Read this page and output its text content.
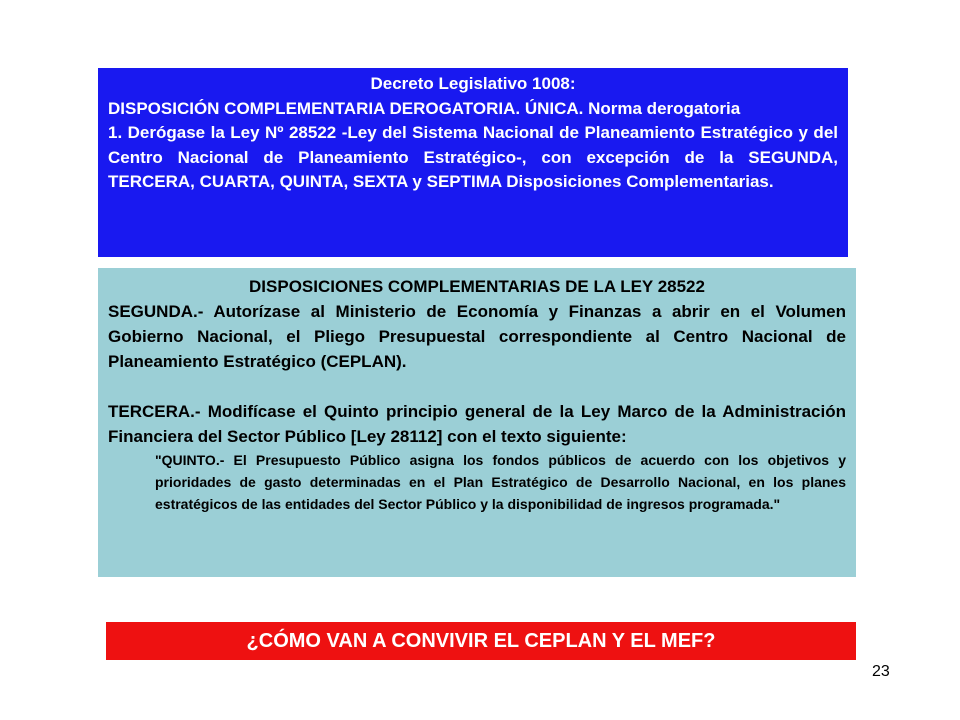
Decreto Legislativo 1008:

DISPOSICIÓN COMPLEMENTARIA DEROGATORIA. ÚNICA. Norma derogatoria

1. Derógase la Ley Nº 28522 -Ley del Sistema Nacional de Planeamiento Estratégico y del Centro Nacional de Planeamiento Estratégico-, con excepción de la SEGUNDA, TERCERA, CUARTA, QUINTA, SEXTA y SEPTIMA Disposiciones Complementarias.

DISPOSICIONES COMPLEMENTARIAS DE LA LEY 28522

SEGUNDA.- Autorízase al Ministerio de Economía y Finanzas a abrir en el Volumen Gobierno Nacional, el Pliego Presupuestal correspondiente al Centro Nacional de Planeamiento Estratégico (CEPLAN).

TERCERA.- Modifícase el Quinto principio general de la Ley Marco de la Administración Financiera del Sector Público [Ley 28112] con el texto siguiente:

"QUINTO.- El Presupuesto Público asigna los fondos públicos de acuerdo con los objetivos y prioridades de gasto determinadas en el Plan Estratégico de Desarrollo Nacional, en los planes estratégicos de las entidades del Sector Público y la disponibilidad de ingresos programada."

¿CÓMO VAN A CONVIVIR EL CEPLAN Y EL MEF?
23
